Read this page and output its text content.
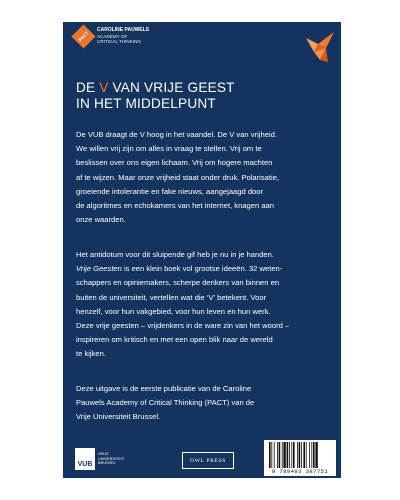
PACT
CAROLINE PAUWELS
ACADEMY OF
CRITICAL THINKING
DE V VAN VRIJE GEEST
IN HET MIDDELPUNT

De VUB draagt de V hoog in het vaandel. De V van vrijheid.
We willen vrij zijn om alles in vraag te stellen. Vrij om te
beslissen over ons eigen lichaam. Vrij om hogere machten
af te wijzen. Maar onze vrijheid staat onder druk. Polarisatie,
groeiende intolerantie en fake nieuws, aangejaagd door
de algoritmes en echokamers van het internet, knagen aan
onze waarden.

Het antidotum voor dit sluipende gif heb je nu in je handen.
Vrije Geesten is een klein boek vol grootse ideeën. 32 weten-
schappers en opiniemakers, scherpe denkers van binnen en
buiten de universiteit, vertellen wat die ‘V’ betekent. Voor
henzelf, voor hun vakgebied, voor hun leven en hun werk.
Deze vrije geesten – vrijdenkers in de ware zin van het woord –
inspireren om kritisch en met een open blik naar de wereld
te kijken.

Deze uitgave is de eerste publicatie van de Caroline
Pauwels Academy of Critical Thinking (PACT) van de
Vrije Universiteit Brussel.

VUB
VRIJE
UNIVERSITEIT
BRUSSEL	OWL PRESS
9 789493 387751
